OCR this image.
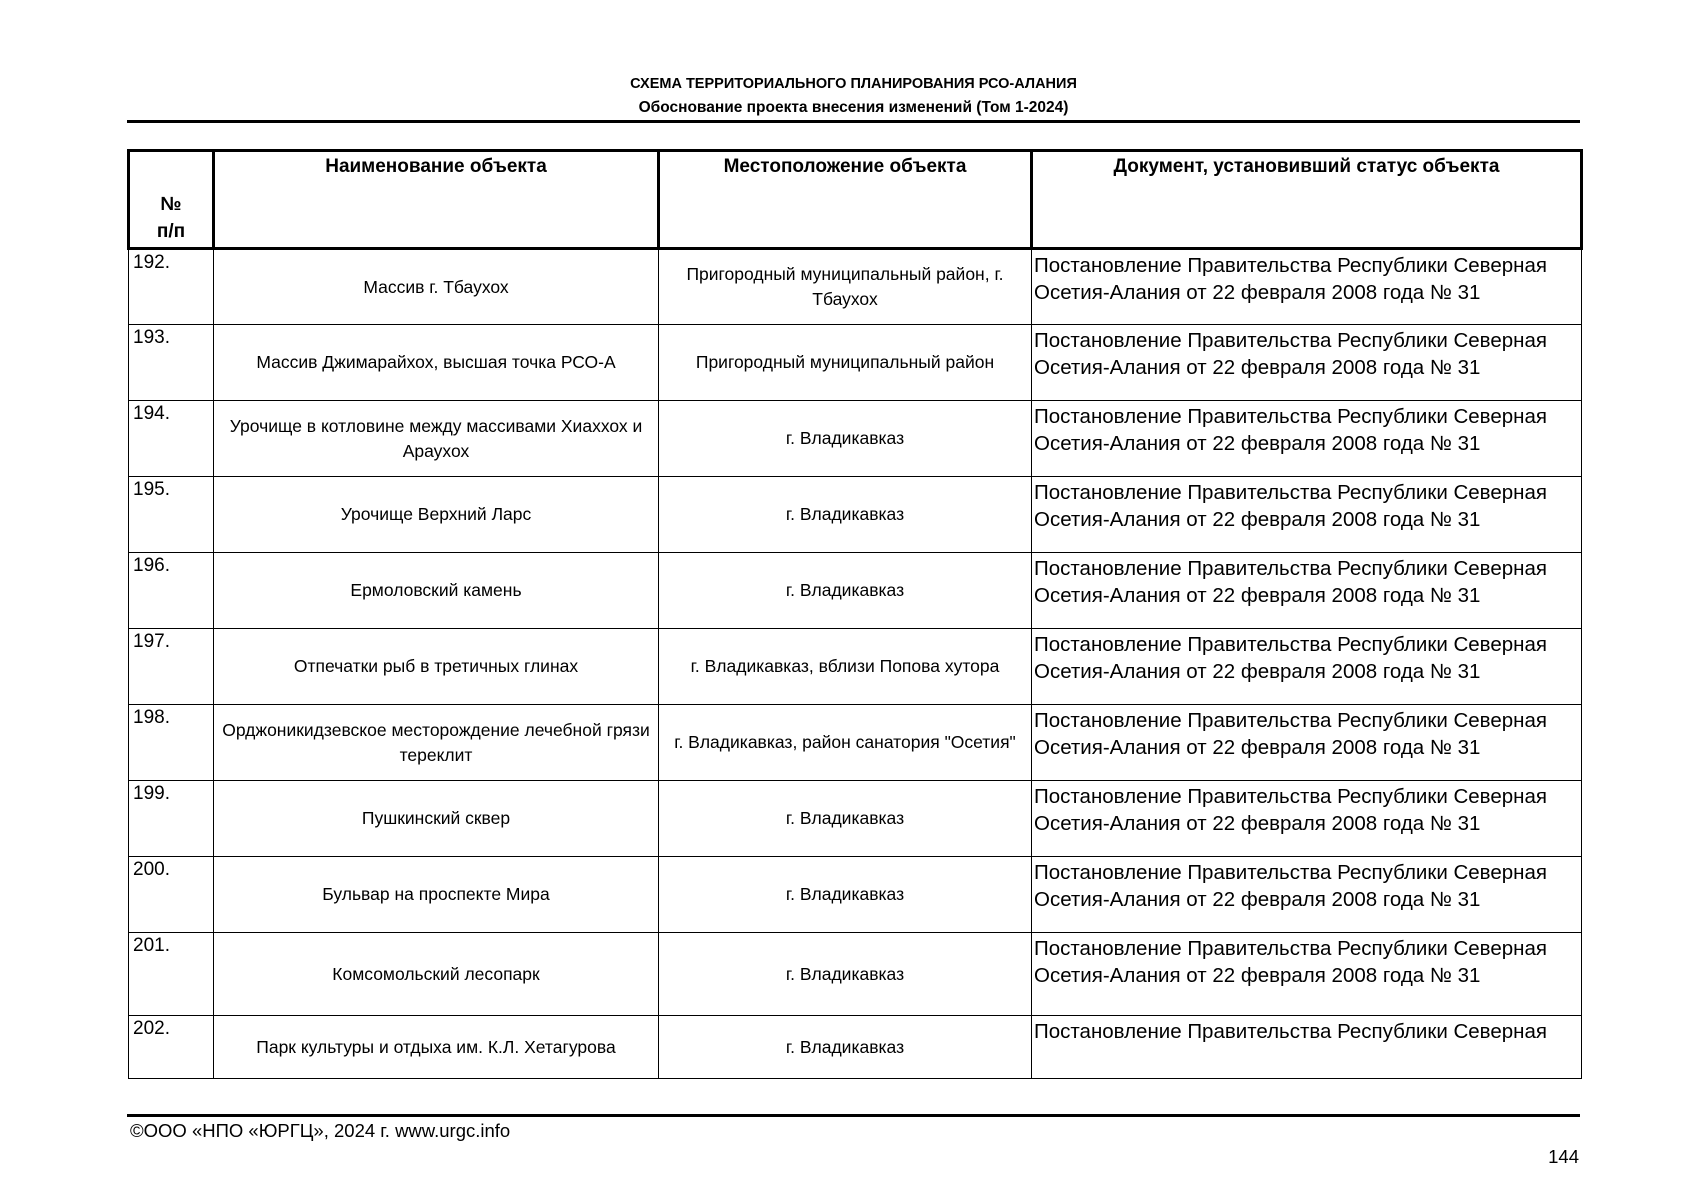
СХЕМА ТЕРРИТОРИАЛЬНОГО ПЛАНИРОВАНИЯ РСО-АЛАНИЯ
Обоснование проекта внесения изменений (Том 1-2024)
№
п/п	Наименование объекта	Местоположение объекта	Документ, установивший статус объекта
192.	Массив г. Тбаухох	Пригородный муниципальный район, г. Тбаухох	Постановление Правительства Республики Северная Осетия-Алания от 22 февраля 2008 года № 31
193.	Массив Джимарайхох, высшая точка РСО-А	Пригородный муниципальный район	Постановление Правительства Республики Северная Осетия-Алания от 22 февраля 2008 года № 31
194.	Урочище в котловине между массивами Хиаххох и Араухох	г. Владикавказ	Постановление Правительства Республики Северная Осетия-Алания от 22 февраля 2008 года № 31
195.	Урочище Верхний Ларс	г. Владикавказ	Постановление Правительства Республики Северная Осетия-Алания от 22 февраля 2008 года № 31
196.	Ермоловский камень	г. Владикавказ	Постановление Правительства Республики Северная Осетия-Алания от 22 февраля 2008 года № 31
197.	Отпечатки рыб в третичных глинах	г. Владикавказ, вблизи Попова хутора	Постановление Правительства Республики Северная Осетия-Алания от 22 февраля 2008 года № 31
198.	Орджоникидзевское месторождение лечебной грязи тереклит	г. Владикавказ, район санатория "Осетия"	Постановление Правительства Республики Северная Осетия-Алания от 22 февраля 2008 года № 31
199.	Пушкинский сквер	г. Владикавказ	Постановление Правительства Республики Северная Осетия-Алания от 22 февраля 2008 года № 31
200.	Бульвар на проспекте Мира	г. Владикавказ	Постановление Правительства Республики Северная Осетия-Алания от 22 февраля 2008 года № 31
201.	Комсомольский лесопарк	г. Владикавказ	Постановление Правительства Республики Северная Осетия-Алания от 22 февраля 2008 года № 31
202.	Парк культуры и отдыха им. К.Л. Хетагурова	г. Владикавказ	Постановление Правительства Республики Северная
©ООО «НПО «ЮРГЦ», 2024 г. www.urgc.info
144
